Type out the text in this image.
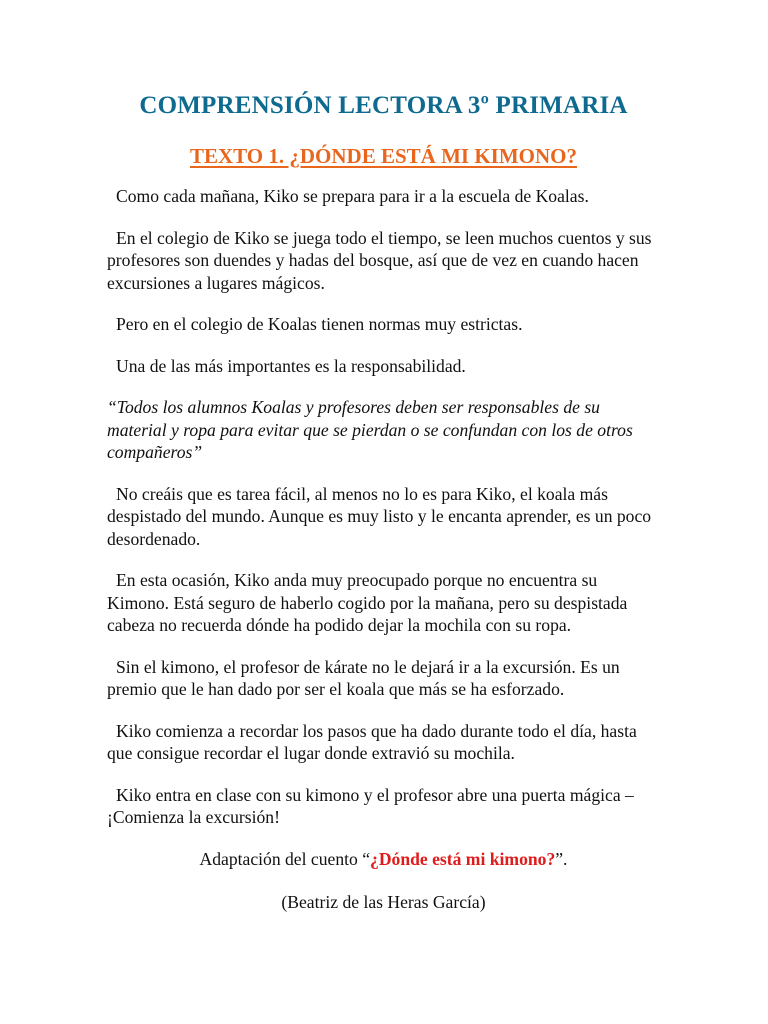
COMPRENSIÓN LECTORA 3º PRIMARIA
TEXTO 1. ¿DÓNDE ESTÁ MI KIMONO?

Como cada mañana, Kiko se prepara para ir a la escuela de Koalas.

En el colegio de Kiko se juega todo el tiempo, se leen muchos cuentos y sus profesores son duendes y hadas del bosque, así que de vez en cuando hacen excursiones a lugares mágicos.

Pero en el colegio de Koalas tienen normas muy estrictas.

Una de las más importantes es la responsabilidad.

“Todos los alumnos Koalas y profesores deben ser responsables de su material y ropa para evitar que se pierdan o se confundan con los de otros compañeros”

No creáis que es tarea fácil, al menos no lo es para Kiko, el koala más despistado del mundo. Aunque es muy listo y le encanta aprender, es un poco desordenado.

En esta ocasión, Kiko anda muy preocupado porque no encuentra su Kimono. Está seguro de haberlo cogido por la mañana, pero su despistada cabeza no recuerda dónde ha podido dejar la mochila con su ropa.

Sin el kimono, el profesor de kárate no le dejará ir a la excursión. Es un premio que le han dado por ser el koala que más se ha esforzado.

Kiko comienza a recordar los pasos que ha dado durante todo el día, hasta que consigue recordar el lugar donde extravió su mochila.

Kiko entra en clase con su kimono y el profesor abre una puerta mágica – ¡Comienza la excursión!

Adaptación del cuento “¿Dónde está mi kimono?”.

(Beatriz de las Heras García)
